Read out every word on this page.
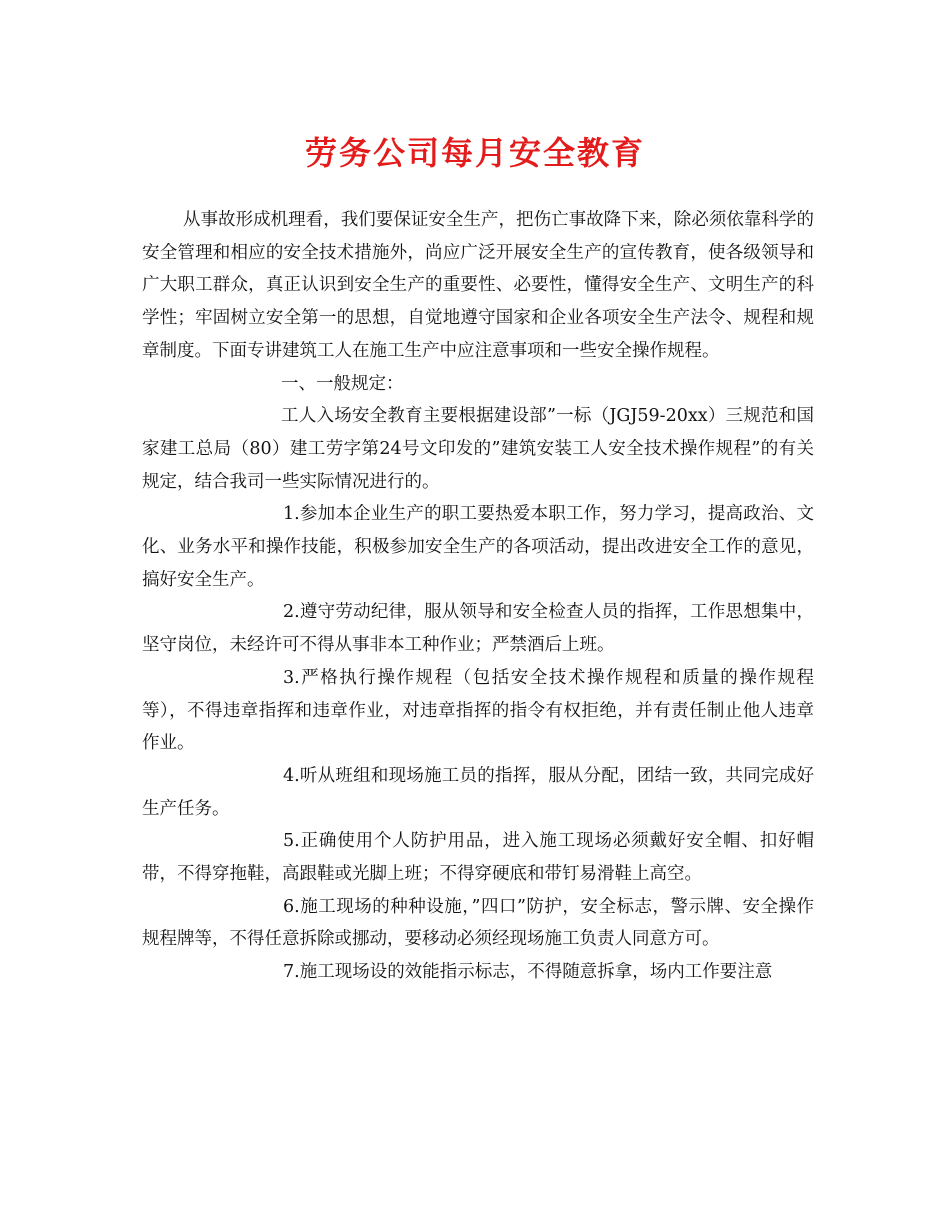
劳务公司每月安全教育

从事故形成机理看，我们要保证安全生产，把伤亡事故降下来，除必须依靠科学的安全管理和相应的安全技术措施外，尚应广泛开展安全生产的宣传教育，使各级领导和广大职工群众，真正认识到安全生产的重要性、必要性，懂得安全生产、文明生产的科学性；牢固树立安全第一的思想，自觉地遵守国家和企业各项安全生产法令、规程和规章制度。下面专讲建筑工人在施工生产中应注意事项和一些安全操作规程。

一、一般规定：

工人入场安全教育主要根据建设部”一标（JGJ59-20xx）三规范和国家建工总局（80）建工劳字第24号文印发的”建筑安装工人安全技术操作规程”的有关规定，结合我司一些实际情况进行的。

1.参加本企业生产的职工要热爱本职工作，努力学习，提高政治、文化、业务水平和操作技能，积极参加安全生产的各项活动，提出改进安全工作的意见，搞好安全生产。

2.遵守劳动纪律，服从领导和安全检查人员的指挥，工作思想集中，坚守岗位，未经许可不得从事非本工种作业；严禁酒后上班。

3.严格执行操作规程（包括安全技术操作规程和质量的操作规程等），不得违章指挥和违章作业，对违章指挥的指令有权拒绝，并有责任制止他人违章作业。

4.听从班组和现场施工员的指挥，服从分配，团结一致，共同完成好生产任务。

5.正确使用个人防护用品，进入施工现场必须戴好安全帽、扣好帽带，不得穿拖鞋，高跟鞋或光脚上班；不得穿硬底和带钉易滑鞋上高空。

6.施工现场的种种设施，”四口”防护，安全标志，警示牌、安全操作规程牌等，不得任意拆除或挪动，要移动必须经现场施工负责人同意方可。

7.施工现场设的效能指示标志，不得随意拆拿，场内工作要注意
